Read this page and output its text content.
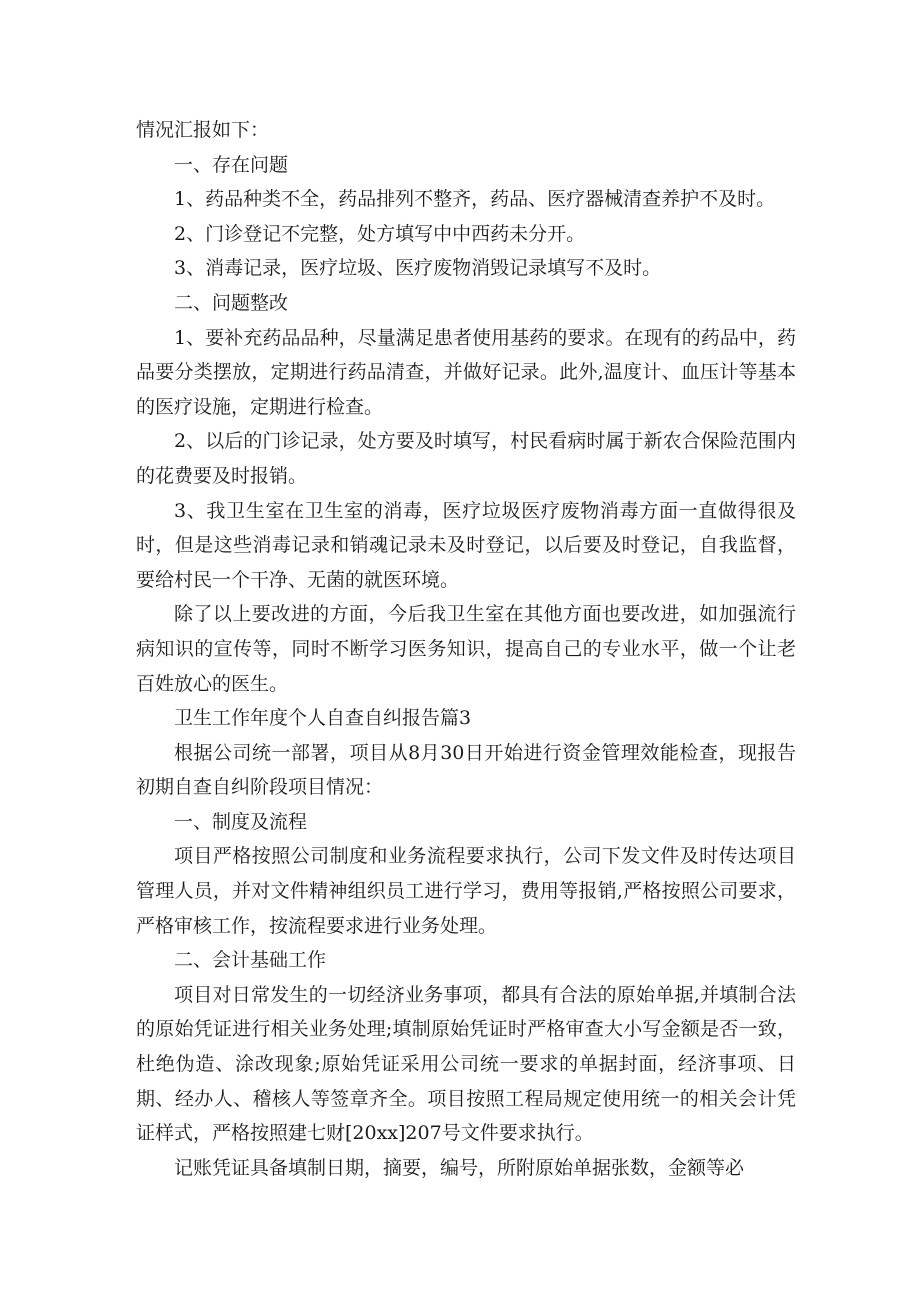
情况汇报如下：

一、存在问题

1、药品种类不全，药品排列不整齐，药品、医疗器械清查养护不及时。

2、门诊登记不完整，处方填写中中西药未分开。

3、消毒记录，医疗垃圾、医疗废物消毁记录填写不及时。

二、问题整改

1、要补充药品品种，尽量满足患者使用基药的要求。在现有的药品中，药品要分类摆放，定期进行药品清查，并做好记录。此外,温度计、血压计等基本的医疗设施，定期进行检查。

2、以后的门诊记录，处方要及时填写，村民看病时属于新农合保险范围内的花费要及时报销。

3、我卫生室在卫生室的消毒，医疗垃圾医疗废物消毒方面一直做得很及时，但是这些消毒记录和销魂记录未及时登记，以后要及时登记，自我监督，要给村民一个干净、无菌的就医环境。

除了以上要改进的方面，今后我卫生室在其他方面也要改进，如加强流行病知识的宣传等，同时不断学习医务知识，提高自己的专业水平，做一个让老百姓放心的医生。

卫生工作年度个人自查自纠报告篇3

根据公司统一部署，项目从8月30日开始进行资金管理效能检查，现报告初期自查自纠阶段项目情况：

一、制度及流程

项目严格按照公司制度和业务流程要求执行，公司下发文件及时传达项目管理人员，并对文件精神组织员工进行学习，费用等报销,严格按照公司要求，严格审核工作，按流程要求进行业务处理。

二、会计基础工作

项目对日常发生的一切经济业务事项，都具有合法的原始单据,并填制合法的原始凭证进行相关业务处理;填制原始凭证时严格审查大小写金额是否一致，杜绝伪造、涂改现象;原始凭证采用公司统一要求的单据封面，经济事项、日期、经办人、稽核人等签章齐全。项目按照工程局规定使用统一的相关会计凭证样式，严格按照建七财[20xx]207号文件要求执行。

记账凭证具备填制日期，摘要，编号，所附原始单据张数，金额等必
